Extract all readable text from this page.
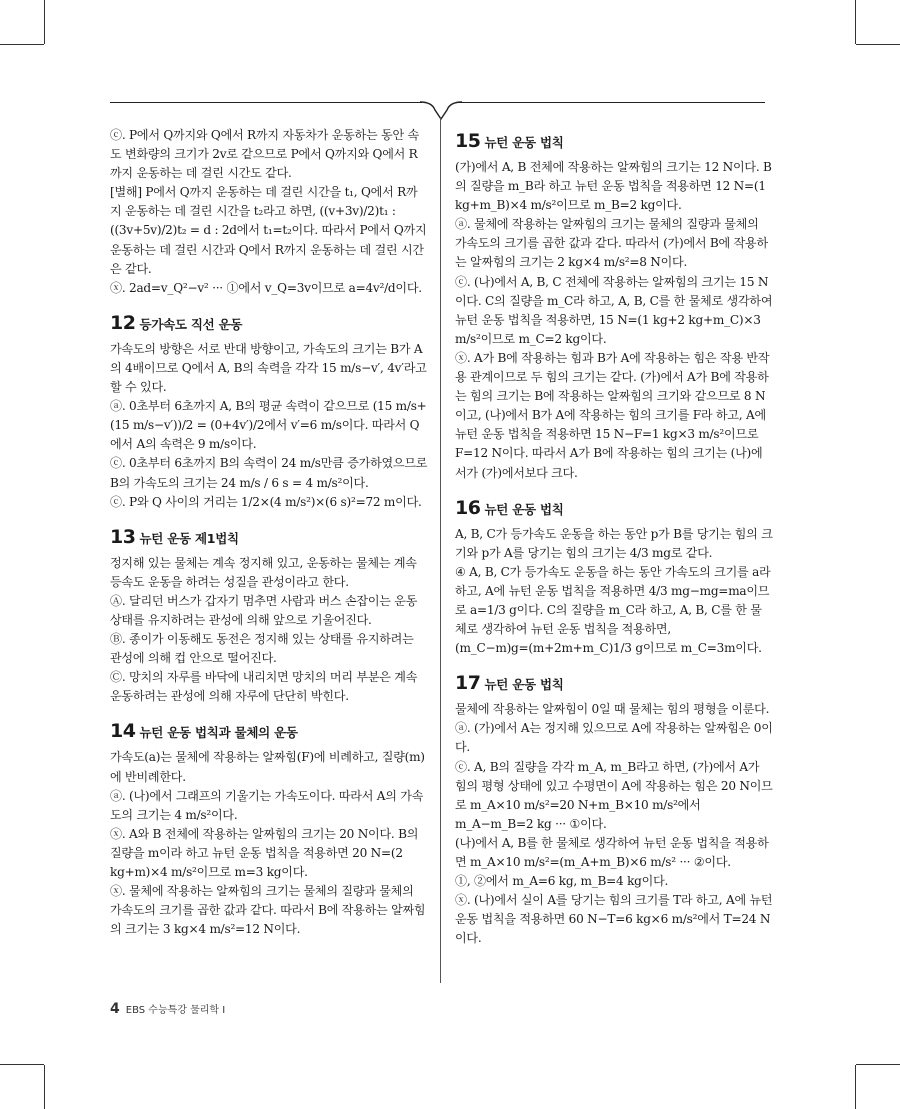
ⓒ. P에서 Q까지와 Q에서 R까지 자동차가 운동하는 동안 속도 변화량의 크기가 2v로 같으므로 P에서 Q까지와 Q에서 R까지 운동하는 데 걸린 시간도 같다.

[별해] P에서 Q까지 운동하는 데 걸린 시간을 t₁, Q에서 R까지 운동하는 데 걸린 시간을 t₂라고 하면, ((v+3v)/2)t₁ : ((3v+5v)/2)t₂ = d : 2d에서 t₁=t₂이다. 따라서 P에서 Q까지 운동하는 데 걸린 시간과 Q에서 R까지 운동하는 데 걸린 시간은 같다.

ⓧ. 2ad=v_Q²−v² ··· ①에서 v_Q=3v이므로 a=4v²/d이다.

12 등가속도 직선 운동

가속도의 방향은 서로 반대 방향이고, 가속도의 크기는 B가 A의 4배이므로 Q에서 A, B의 속력을 각각 15 m/s−v′, 4v′라고 할 수 있다.

ⓐ. 0초부터 6초까지 A, B의 평균 속력이 같으므로 (15 m/s+(15 m/s−v′))/2 = (0+4v′)/2에서 v′=6 m/s이다. 따라서 Q에서 A의 속력은 9 m/s이다.

ⓒ. 0초부터 6초까지 B의 속력이 24 m/s만큼 증가하였으므로 B의 가속도의 크기는 24 m/s / 6 s = 4 m/s²이다.

ⓒ. P와 Q 사이의 거리는 1/2×(4 m/s²)×(6 s)²=72 m이다.

13 뉴턴 운동 제1법칙

정지해 있는 물체는 계속 정지해 있고, 운동하는 물체는 계속 등속도 운동을 하려는 성질을 관성이라고 한다.

Ⓐ. 달리던 버스가 갑자기 멈추면 사람과 버스 손잡이는 운동 상태를 유지하려는 관성에 의해 앞으로 기울어진다.

Ⓑ. 종이가 이동해도 동전은 정지해 있는 상태를 유지하려는 관성에 의해 컵 안으로 떨어진다.

Ⓒ. 망치의 자루를 바닥에 내리치면 망치의 머리 부분은 계속 운동하려는 관성에 의해 자루에 단단히 박힌다.

14 뉴턴 운동 법칙과 물체의 운동

가속도(a)는 물체에 작용하는 알짜힘(F)에 비례하고, 질량(m)에 반비례한다.

ⓐ. (나)에서 그래프의 기울기는 가속도이다. 따라서 A의 가속도의 크기는 4 m/s²이다.

ⓧ. A와 B 전체에 작용하는 알짜힘의 크기는 20 N이다. B의 질량을 m이라 하고 뉴턴 운동 법칙을 적용하면 20 N=(2 kg+m)×4 m/s²이므로 m=3 kg이다.

ⓧ. 물체에 작용하는 알짜힘의 크기는 물체의 질량과 물체의 가속도의 크기를 곱한 값과 같다. 따라서 B에 작용하는 알짜힘의 크기는 3 kg×4 m/s²=12 N이다.

15 뉴턴 운동 법칙

(가)에서 A, B 전체에 작용하는 알짜힘의 크기는 12 N이다. B의 질량을 m_B라 하고 뉴턴 운동 법칙을 적용하면 12 N=(1 kg+m_B)×4 m/s²이므로 m_B=2 kg이다.

ⓐ. 물체에 작용하는 알짜힘의 크기는 물체의 질량과 물체의 가속도의 크기를 곱한 값과 같다. 따라서 (가)에서 B에 작용하는 알짜힘의 크기는 2 kg×4 m/s²=8 N이다.

ⓒ. (나)에서 A, B, C 전체에 작용하는 알짜힘의 크기는 15 N이다. C의 질량을 m_C라 하고, A, B, C를 한 물체로 생각하여 뉴턴 운동 법칙을 적용하면, 15 N=(1 kg+2 kg+m_C)×3 m/s²이므로 m_C=2 kg이다.

ⓧ. A가 B에 작용하는 힘과 B가 A에 작용하는 힘은 작용 반작용 관계이므로 두 힘의 크기는 같다. (가)에서 A가 B에 작용하는 힘의 크기는 B에 작용하는 알짜힘의 크기와 같으므로 8 N이고, (나)에서 B가 A에 작용하는 힘의 크기를 F라 하고, A에 뉴턴 운동 법칙을 적용하면 15 N−F=1 kg×3 m/s²이므로 F=12 N이다. 따라서 A가 B에 작용하는 힘의 크기는 (나)에서가 (가)에서보다 크다.

16 뉴턴 운동 법칙

A, B, C가 등가속도 운동을 하는 동안 p가 B를 당기는 힘의 크기와 p가 A를 당기는 힘의 크기는 4/3 mg로 같다.

④ A, B, C가 등가속도 운동을 하는 동안 가속도의 크기를 a라 하고, A에 뉴턴 운동 법칙을 적용하면 4/3 mg−mg=ma이므로 a=1/3 g이다. C의 질량을 m_C라 하고, A, B, C를 한 물체로 생각하여 뉴턴 운동 법칙을 적용하면,

(m_C−m)g=(m+2m+m_C)1/3 g이므로 m_C=3m이다.

17 뉴턴 운동 법칙

물체에 작용하는 알짜힘이 0일 때 물체는 힘의 평형을 이룬다.

ⓐ. (가)에서 A는 정지해 있으므로 A에 작용하는 알짜힘은 0이다.

ⓒ. A, B의 질량을 각각 m_A, m_B라고 하면, (가)에서 A가 힘의 평형 상태에 있고 수평면이 A에 작용하는 힘은 20 N이므로 m_A×10 m/s²=20 N+m_B×10 m/s²에서 m_A−m_B=2 kg ··· ①이다.

(나)에서 A, B를 한 물체로 생각하여 뉴턴 운동 법칙을 적용하면 m_A×10 m/s²=(m_A+m_B)×6 m/s² ··· ②이다.

①, ②에서 m_A=6 kg, m_B=4 kg이다.

ⓧ. (나)에서 실이 A를 당기는 힘의 크기를 T라 하고, A에 뉴턴 운동 법칙을 적용하면 60 N−T=6 kg×6 m/s²에서 T=24 N이다.

4 EBS 수능특강 물리학 Ⅰ
